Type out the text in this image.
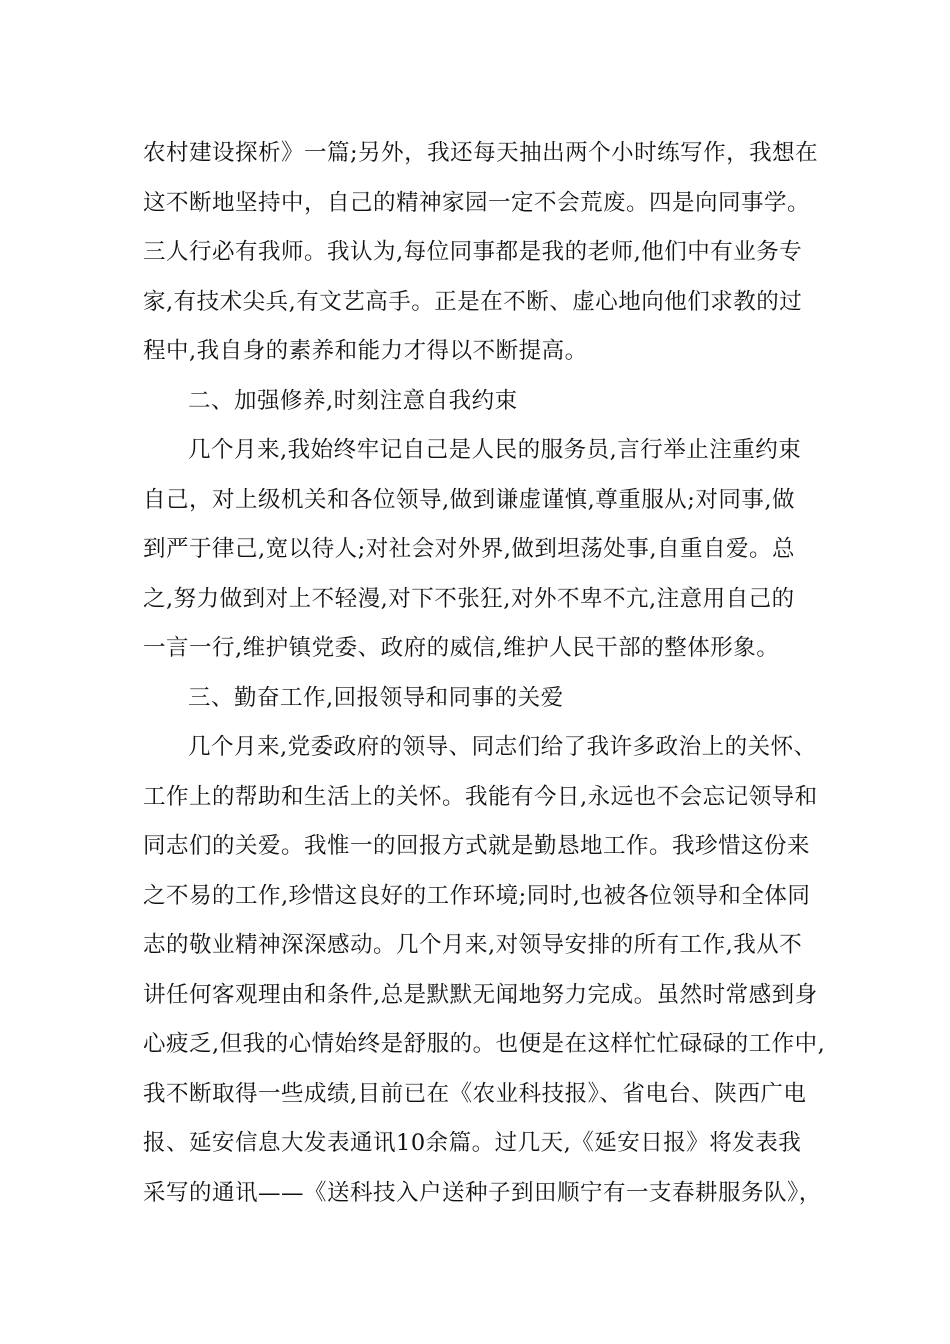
农村建设探析》一篇;另外，我还每天抽出两个小时练写作，我想在
这不断地坚持中，自己的精神家园一定不会荒废。四是向同事学。
三人行必有我师。我认为,每位同事都是我的老师,他们中有业务专
家,有技术尖兵,有文艺高手。正是在不断、虚心地向他们求教的过
程中,我自身的素养和能力才得以不断提高。
二、加强修养,时刻注意自我约束
几个月来,我始终牢记自己是人民的服务员,言行举止注重约束
自己，对上级机关和各位领导,做到谦虚谨慎,尊重服从;对同事,做
到严于律己,宽以待人;对社会对外界,做到坦荡处事,自重自爱。总
之,努力做到对上不轻漫,对下不张狂,对外不卑不亢,注意用自己的
一言一行,维护镇党委、政府的威信,维护人民干部的整体形象。
三、勤奋工作,回报领导和同事的关爱
几个月来,党委政府的领导、同志们给了我许多政治上的关怀、
工作上的帮助和生活上的关怀。我能有今日,永远也不会忘记领导和
同志们的关爱。我惟一的回报方式就是勤恳地工作。我珍惜这份来
之不易的工作,珍惜这良好的工作环境;同时,也被各位领导和全体同
志的敬业精神深深感动。几个月来,对领导安排的所有工作,我从不
讲任何客观理由和条件,总是默默无闻地努力完成。虽然时常感到身
心疲乏,但我的心情始终是舒服的。也便是在这样忙忙碌碌的工作中,
我不断取得一些成绩,目前已在《农业科技报》、省电台、陕西广电
报、延安信息大发表通讯10余篇。过几天,《延安日报》将发表我
采写的通讯——《送科技入户送种子到田顺宁有一支春耕服务队》，
